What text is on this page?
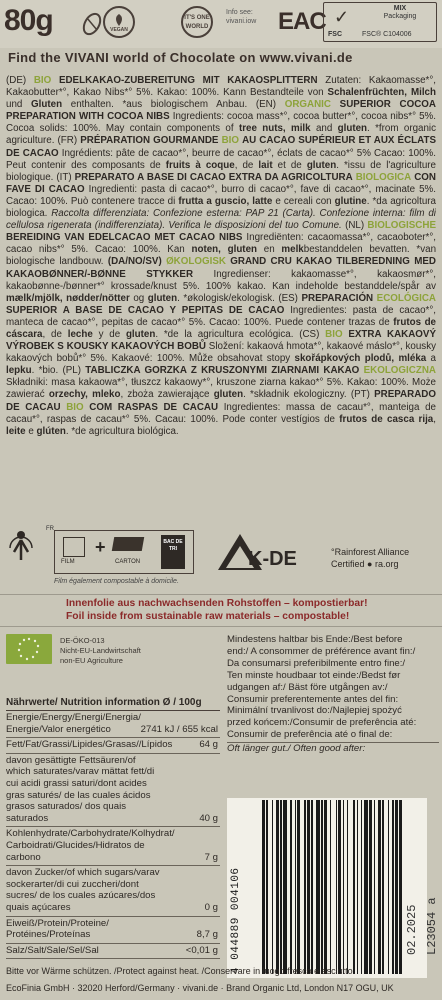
80g	VEGAN
IT'S ONE WORLD
Info see:
vivani.iow EAC ✓	MIX
Packaging
FSC	FSC® C104006
Find the VIVANI world of Chocolate on www.vivani.de

(DE) BIO EDELKAKAO-ZUBEREITUNG MIT KAKAOSPLITTERN Zutaten: Kakaomasse*°, Kakaobutter*°, Kakao Nibs*° 5%. Kakao: 100%. Kann Bestandteile von Schalenfrüchten, Milch und Gluten enthalten. *aus biologischem Anbau. (EN) ORGANIC SUPERIOR COCOA PREPARATION WITH COCOA NIBS Ingredients: cocoa mass*°, cocoa butter*°, cocoa nibs*° 5%. Cocoa solids: 100%. May contain components of tree nuts, milk and gluten. *from organic agriculture. (FR) PRÉPARATION GOURMANDE BIO AU CACAO SUPÉRIEUR ET AUX ÉCLATS DE CACAO Ingrédients: pâte de cacao*°, beurre de cacao*°, éclats de cacao*° 5% Cacao: 100%. Peut contenir des composants de fruits à coque, de lait et de gluten. *issu de l'agriculture biologique. (IT) PREPARATO A BASE DI CACAO EXTRA DA AGRICOLTURA BIOLOGICA CON FAVE DI CACAO Ingredienti: pasta di cacao*°, burro di cacao*°, fave di cacao*°, macinate 5%. Cacao: 100%. Può contenere tracce di frutta a guscio, latte e cereali con glutine. *da agricoltura biologica. Raccolta differenziata: Confezione esterna: PAP 21 (Carta). Confezione interna: film di cellulosa rigenerata (indifferenziata). Verifica le disposizioni del tuo Comune. (NL) BIOLOGISCHE BEREIDING VAN EDELCACAO MET CACAO NIBS Ingrediënten: cacaomassa*°, cacaoboter*°, cacao nibs*° 5%. Cacao: 100%. Kan noten, gluten en melkbestanddelen bevatten. *van biologische landbouw. (DA/NO/SV) ØKOLOGISK GRAND CRU KAKAO TILBEREDNING MED KAKAOBØNNER/-BØNNE STYKKER Ingredienser: kakaomasse*°, kakaosmør*°, kakaobønne-/bønner*° krossade/knust 5%. 100% kakao. Kan indeholde bestanddele/spår av mælk/mjölk, nødder/nötter og gluten. *økologisk/ekologisk. (ES) PREPARACIÓN ECOLÓGICA SUPERIOR A BASE DE CACAO Y PEPITAS DE CACAO Ingredientes: pasta de cacao*°, manteca de cacao*°, pepitas de cacao*° 5%. Cacao: 100%. Puede contener trazas de frutos de cáscara, de leche y de gluten. *de la agricultura ecológica. (CS) BIO EXTRA KAKAOVÝ VÝROBEK S KOUSKY KAKAOVÝCH BOBŮ Složení: kakaová hmota*°, kakaové máslo*°, kousky kakaových bobů*° 5%. Kakaové: 100%. Může obsahovat stopy skořápkových plodů, mléka a lepku. *bio. (PL) TABLICZKA GORZKA Z KRUSZONYMI ZIARNAMI KAKAO EKOLOGICZNA Składniki: masa kakaowa*°, tłuszcz kakaowy*°, kruszone ziarna kakao*° 5%. Kakao: 100%. Może zawierać orzechy, mleko, zboża zawierające gluten. *składnik ekologiczny. (PT) PREPARADO DE CACAU BIO COM RASPAS DE CACAU Ingredientes: massa de cacau*°, manteiga de cacau*°, raspas de cacau*° 5%. Cacau: 100%. Pode conter vestígios de frutos de casca rija, leite e glúten. *de agricultura biológica.

FR
FILM
+
CARTON
BAC DE TRI
Film également compostable à domicile.
K-DE	°Rainforest Alliance
Certified ● ra.org
Innenfolie aus nachwachsenden Rohstoffen – kompostierbar!
Foil inside from sustainable raw materials – compostable!
DE-ÖKO-013
Nicht-EU-Landwirtschaft
non-EU Agriculture
Mindestens haltbar bis Ende:/Best before
end:/ A consommer de préférence avant fin:/
Da consumarsi preferibilmente entro fine:/
Ten minste houdbaar tot einde:/Bedst før
udgangen af:/ Bäst före utgången av:/
Consumir preferentemente antes del fin:
Minimální trvanlivost do:/Najlepiej spożyć
przed końcem:/Consumir de preferência até:
Consumir de preferência até o final de:
Oft länger gut./ Often good after:
Nährwerte/ Nutrition information Ø / 100g
Energie/Energy/Energi/Energia/ Energie/Valor energético	2741 kJ / 655 kcal
Fett/Fat/Grassi/Lipides/Grasas//Lípidos	64 g
davon gesättigte Fettsäuren/of which saturates/varav mättat fett/di cui acidi grassi saturi/dont acides gras saturés/ de las cuales ácidos grasos saturados/ dos quais saturados	40 g
Kohlenhydrate/Carbohydrate/Kolhydrat/ Carboidrati/Glucides/Hidratos de carbono	7 g
davon Zucker/of which sugars/varav sockerarter/di cui zuccheri/dont sucres/ de los cuales azúcares/dos quais açúcares	0 g
Eiweiß/Protein/Proteine/ Protéines/Proteínas	8,7 g
Salz/Salt/Sale/Sel/Sal	<0,01 g 4 044889 004106	02.2025 L23054 a
Bitte vor Wärme schützen. /Protect against heat. /Conservare in luogo fresco e asciutto.
EcoFinia GmbH · 32020 Herford/Germany · vivani.de · Brand Organic Ltd, London N17 OGU, UK
